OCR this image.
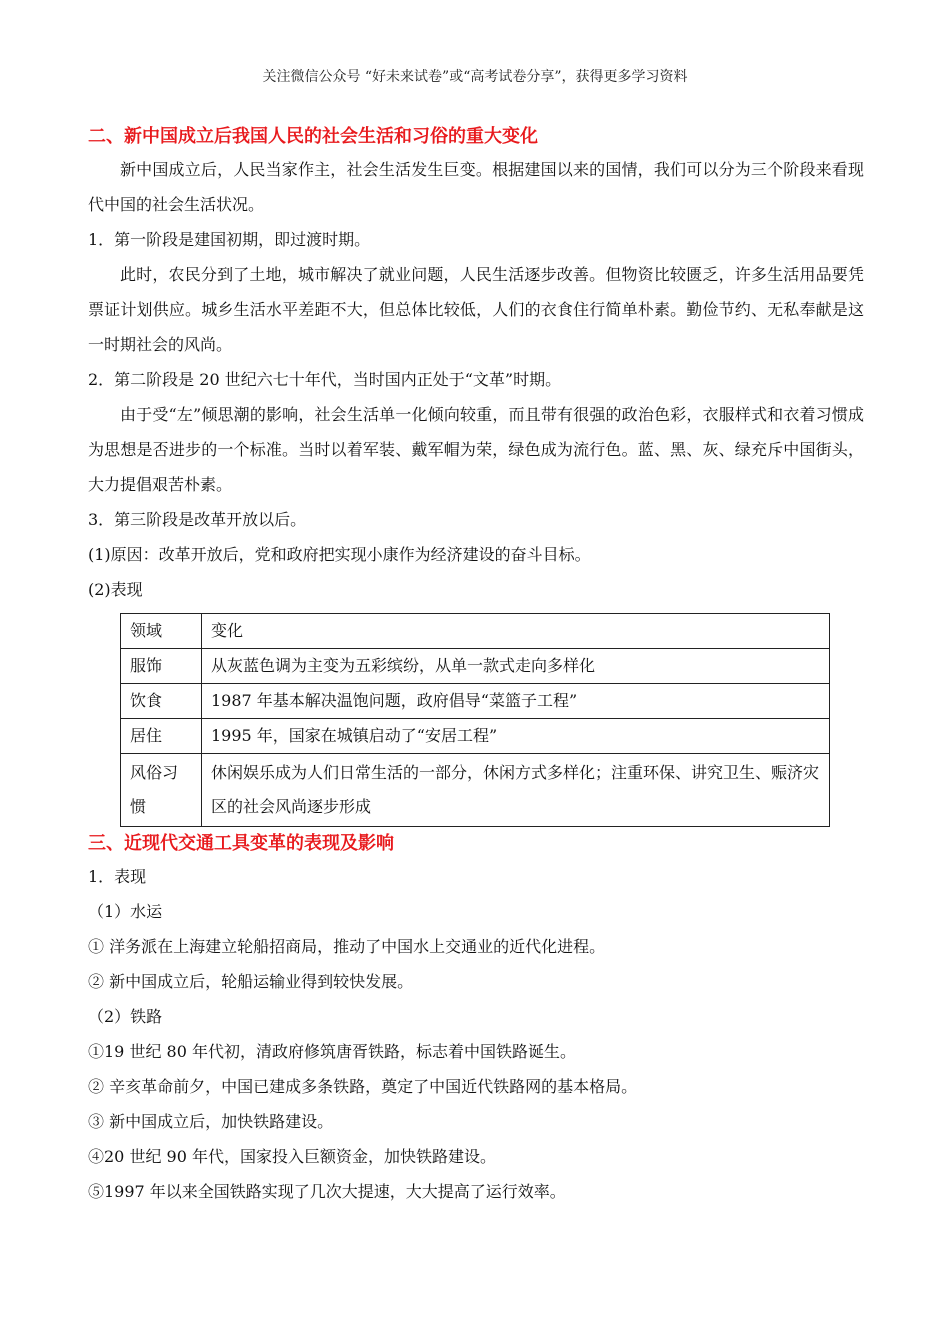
关注微信公众号 “好未来试卷”或“高考试卷分享”，获得更多学习资料

二、新中国成立后我国人民的社会生活和习俗的重大变化

新中国成立后，人民当家作主，社会生活发生巨变。根据建国以来的国情，我们可以分为三个阶段来看现代中国的社会生活状况。

1．第一阶段是建国初期，即过渡时期。

此时，农民分到了土地，城市解决了就业问题，人民生活逐步改善。但物资比较匮乏，许多生活用品要凭票证计划供应。城乡生活水平差距不大，但总体比较低，人们的衣食住行简单朴素。勤俭节约、无私奉献是这一时期社会的风尚。

2．第二阶段是 20 世纪六七十年代，当时国内正处于“文革”时期。

由于受“左”倾思潮的影响，社会生活单一化倾向较重，而且带有很强的政治色彩，衣服样式和衣着习惯成为思想是否进步的一个标准。当时以着军装、戴军帽为荣，绿色成为流行色。蓝、黑、灰、绿充斥中国街头，大力提倡艰苦朴素。

3．第三阶段是改革开放以后。

(1)原因：改革开放后，党和政府把实现小康作为经济建设的奋斗目标。

(2)表现

领域	变化
服饰	从灰蓝色调为主变为五彩缤纷，从单一款式走向多样化
饮食	1987 年基本解决温饱问题，政府倡导“菜篮子工程”
居住	1995 年，国家在城镇启动了“安居工程”
风俗习惯	休闲娱乐成为人们日常生活的一部分，休闲方式多样化；注重环保、讲究卫生、赈济灾区的社会风尚逐步形成

三、近现代交通工具变革的表现及影响

1．表现

（1）水运

① 洋务派在上海建立轮船招商局，推动了中国水上交通业的近代化进程。

② 新中国成立后，轮船运输业得到较快发展。

（2）铁路

①19 世纪 80 年代初，清政府修筑唐胥铁路，标志着中国铁路诞生。

② 辛亥革命前夕，中国已建成多条铁路，奠定了中国近代铁路网的基本格局。

③ 新中国成立后，加快铁路建设。

④20 世纪 90 年代，国家投入巨额资金，加快铁路建设。

⑤1997 年以来全国铁路实现了几次大提速，大大提高了运行效率。
